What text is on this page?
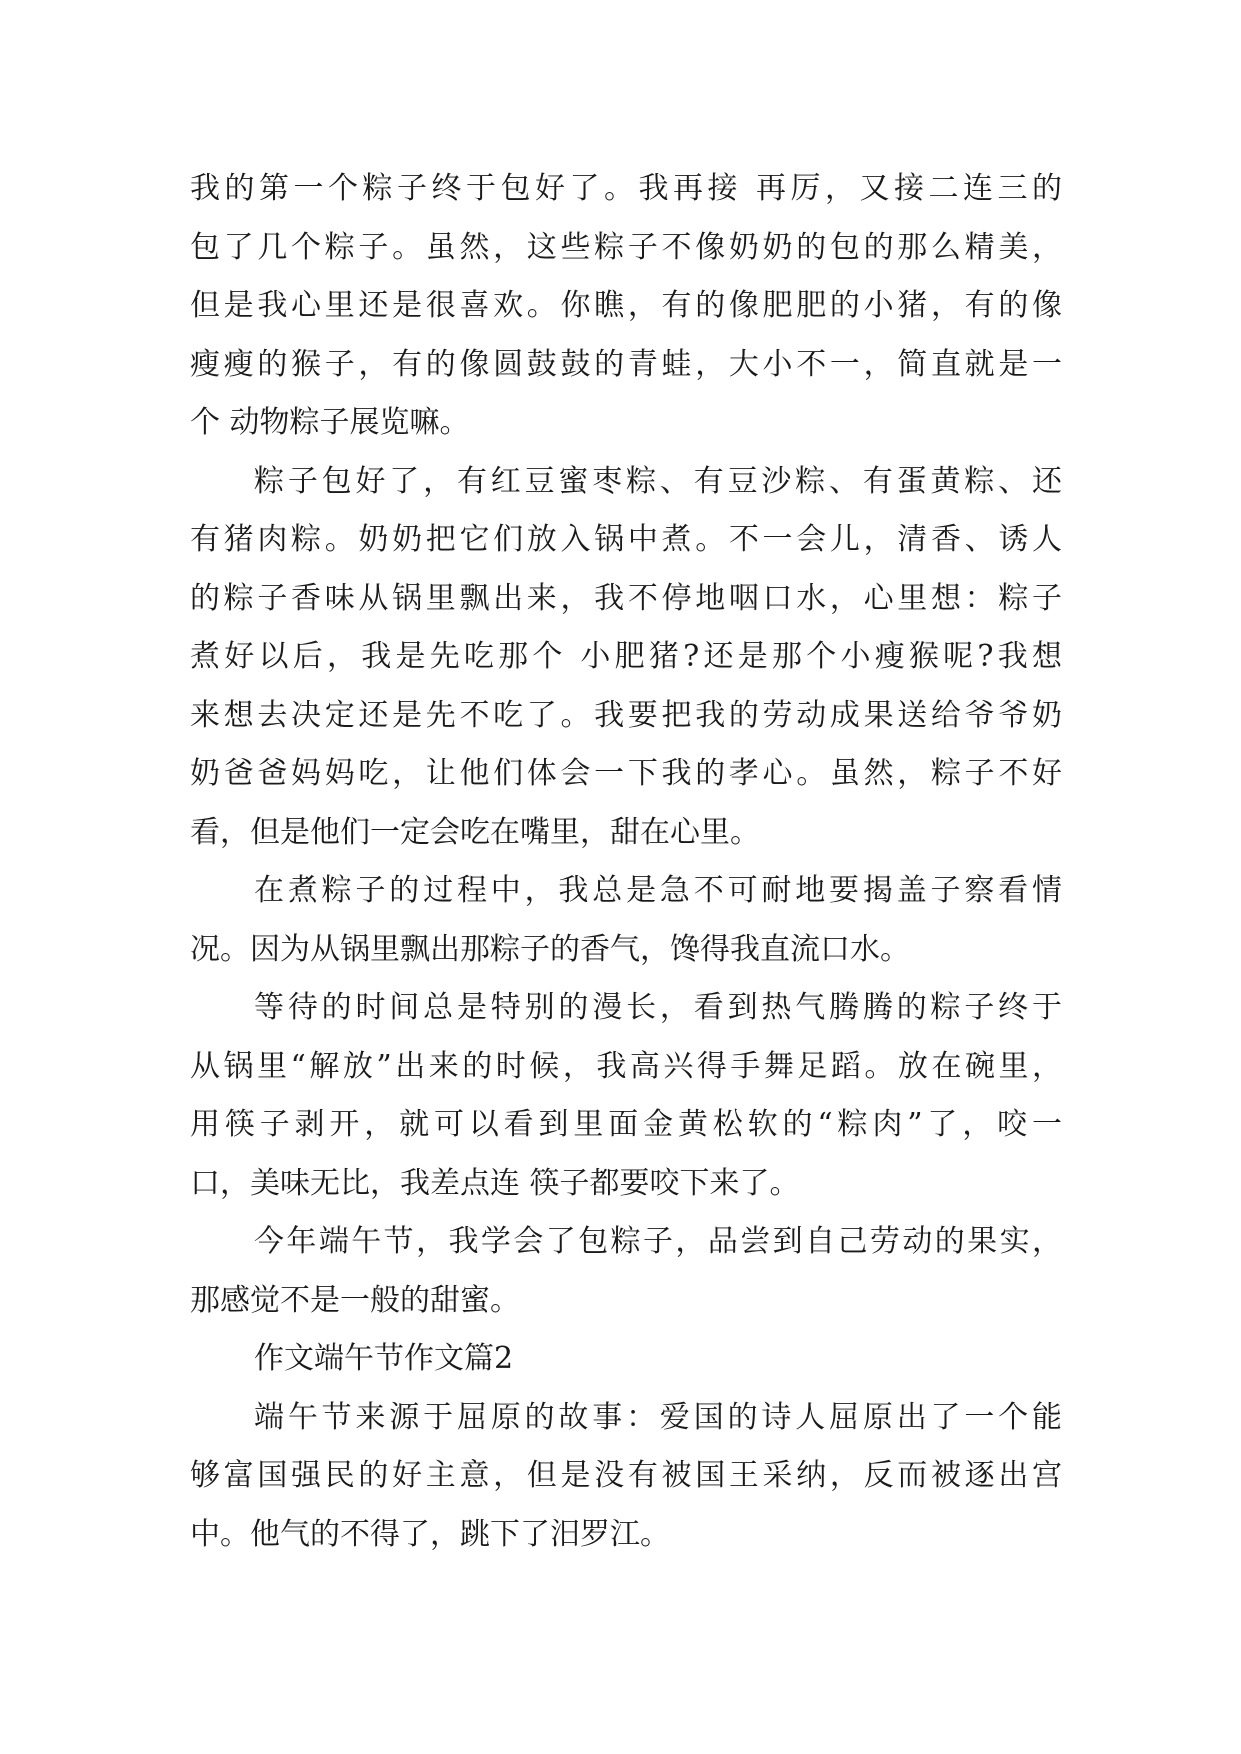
我的第一个粽子终于包好了。我再接 再厉，又接二连三的
包了几个粽子。虽然，这些粽子不像奶奶的包的那么精美，
但是我心里还是很喜欢。你瞧，有的像肥肥的小猪，有的像
瘦瘦的猴子，有的像圆鼓鼓的青蛙，大小不一，简直就是一
个 动物粽子展览嘛。
粽子包好了，有红豆蜜枣粽、有豆沙粽、有蛋黄粽、还
有猪肉粽。奶奶把它们放入锅中煮。不一会儿，清香、诱人
的粽子香味从锅里飘出来，我不停地咽口水，心里想：粽子
煮好以后，我是先吃那个 小肥猪?还是那个小瘦猴呢?我想
来想去决定还是先不吃了。我要把我的劳动成果送给爷爷奶
奶爸爸妈妈吃，让他们体会一下我的孝心。虽然，粽子不好
看，但是他们一定会吃在嘴里，甜在心里。
在煮粽子的过程中，我总是急不可耐地要揭盖子察看情
况。因为从锅里飘出那粽子的香气，馋得我直流口水。
等待的时间总是特别的漫长，看到热气腾腾的粽子终于
从锅里“解放”出来的时候，我高兴得手舞足蹈。放在碗里，
用筷子剥开，就可以看到里面金黄松软的“粽肉”了，咬一
口，美味无比，我差点连 筷子都要咬下来了。
今年端午节，我学会了包粽子，品尝到自己劳动的果实，
那感觉不是一般的甜蜜。
作文端午节作文篇2
端午节来源于屈原的故事：爱国的诗人屈原出了一个能
够富国强民的好主意，但是没有被国王采纳，反而被逐出宫
中。他气的不得了，跳下了汨罗江。
